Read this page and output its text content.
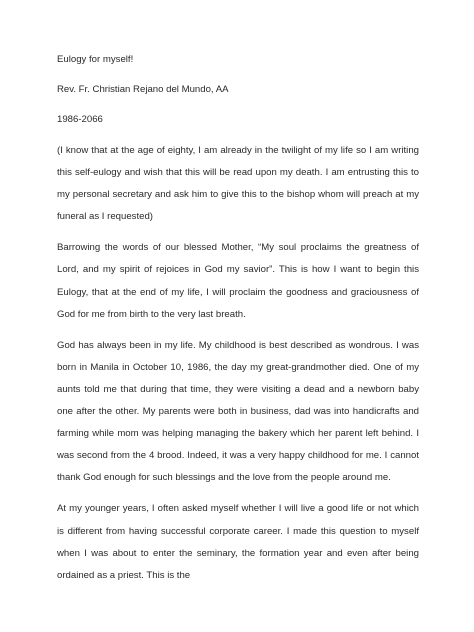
Eulogy for myself!
Rev. Fr. Christian Rejano del Mundo, AA
1986-2066

(I know that at the age of eighty, I am already in the twilight of my life so I am writing this self-eulogy and wish that this will be read upon my death. I am entrusting this to my personal secretary and ask him to give this to the bishop whom will preach at my funeral as I requested)

Barrowing the words of our blessed Mother, “My soul proclaims the greatness of Lord, and my spirit of rejoices in God my savior”. This is how I want to begin this Eulogy, that at the end of my life, I will proclaim the goodness and graciousness of God for me from birth to the very last breath.

God has always been in my life. My childhood is best described as wondrous. I was born in Manila in October 10, 1986, the day my great-grandmother died. One of my aunts told me that during that time, they were visiting a dead and a newborn baby one after the other. My parents were both in business, dad was into handicrafts and farming while mom was helping managing the bakery which her parent left behind. I was second from the 4 brood. Indeed, it was a very happy childhood for me. I cannot thank God enough for such blessings and the love from the people around me.

At my younger years, I often asked myself whether I will live a good life or not which is different from having successful corporate career. I made this question to myself when I was about to enter the seminary, the formation year and even after being ordained as a priest. This is the
